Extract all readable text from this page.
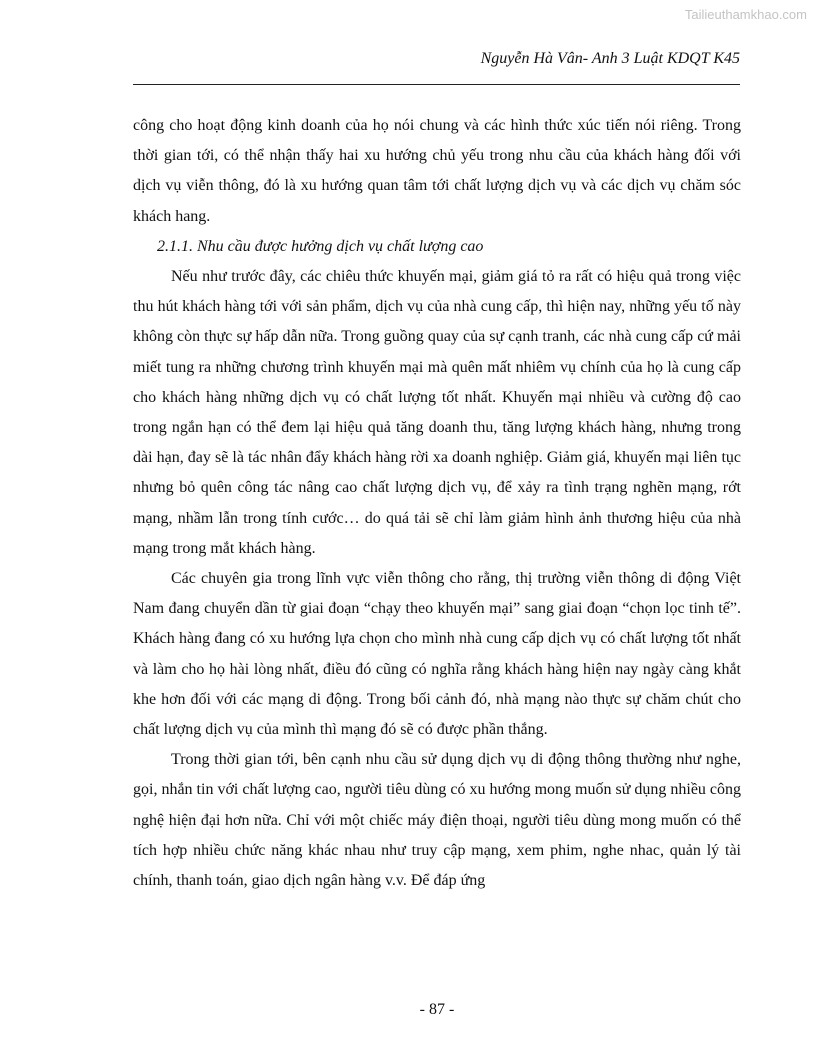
Tailieuthamkhao.com
Nguyễn Hà Vân- Anh 3 Luật KDQT K45

công cho hoạt động kinh doanh của họ nói chung và các hình thức xúc tiến nói riêng. Trong thời gian tới, có thể nhận thấy hai xu hướng chủ yếu trong nhu cầu của khách hàng đối với dịch vụ viễn thông, đó là xu hướng quan tâm tới chất lượng dịch vụ và các dịch vụ chăm sóc khách hang.

2.1.1. Nhu cầu được hưởng dịch vụ chất lượng cao

Nếu như trước đây, các chiêu thức khuyến mại, giảm giá tỏ ra rất có hiệu quả trong việc thu hút khách hàng tới với sản phẩm, dịch vụ của nhà cung cấp, thì hiện nay, những yếu tố này không còn thực sự hấp dẫn nữa. Trong guồng quay của sự cạnh tranh, các nhà cung cấp cứ mải miết tung ra những chương trình khuyến mại mà quên mất nhiêm vụ chính của họ là cung cấp cho khách hàng những dịch vụ có chất lượng tốt nhất. Khuyến mại nhiều và cường độ cao trong ngắn hạn có thể đem lại hiệu quả tăng doanh thu, tăng lượng khách hàng, nhưng trong dài hạn, đay sẽ là tác nhân đẩy khách hàng rời xa doanh nghiệp. Giảm giá, khuyến mại liên tục nhưng bỏ quên công tác nâng cao chất lượng dịch vụ, để xảy ra tình trạng nghẽn mạng, rớt mạng, nhầm lẫn trong tính cước… do quá tải sẽ chỉ làm giảm hình ảnh thương hiệu của nhà mạng trong mắt khách hàng.

Các chuyên gia trong lĩnh vực viễn thông cho rằng, thị trường viễn thông di động Việt Nam đang chuyển dần từ giai đoạn “chạy theo khuyến mại” sang giai đoạn “chọn lọc tinh tế”. Khách hàng đang có xu hướng lựa chọn cho mình nhà cung cấp dịch vụ có chất lượng tốt nhất và làm cho họ hài lòng nhất, điều đó cũng có nghĩa rằng khách hàng hiện nay ngày càng khắt khe hơn đối với các mạng di động. Trong bối cảnh đó, nhà mạng nào thực sự chăm chút cho chất lượng dịch vụ của mình thì mạng đó sẽ có được phần thắng.

Trong thời gian tới, bên cạnh nhu cầu sử dụng dịch vụ di động thông thường như nghe, gọi, nhắn tin với chất lượng cao, người tiêu dùng có xu hướng mong muốn sử dụng nhiều công nghệ hiện đại hơn nữa. Chỉ với một chiếc máy điện thoại, người tiêu dùng mong muốn có thể tích hợp nhiều chức năng khác nhau như truy cập mạng, xem phim, nghe nhac, quản lý tài chính, thanh toán, giao dịch ngân hàng v.v. Để đáp ứng

- 87 -
